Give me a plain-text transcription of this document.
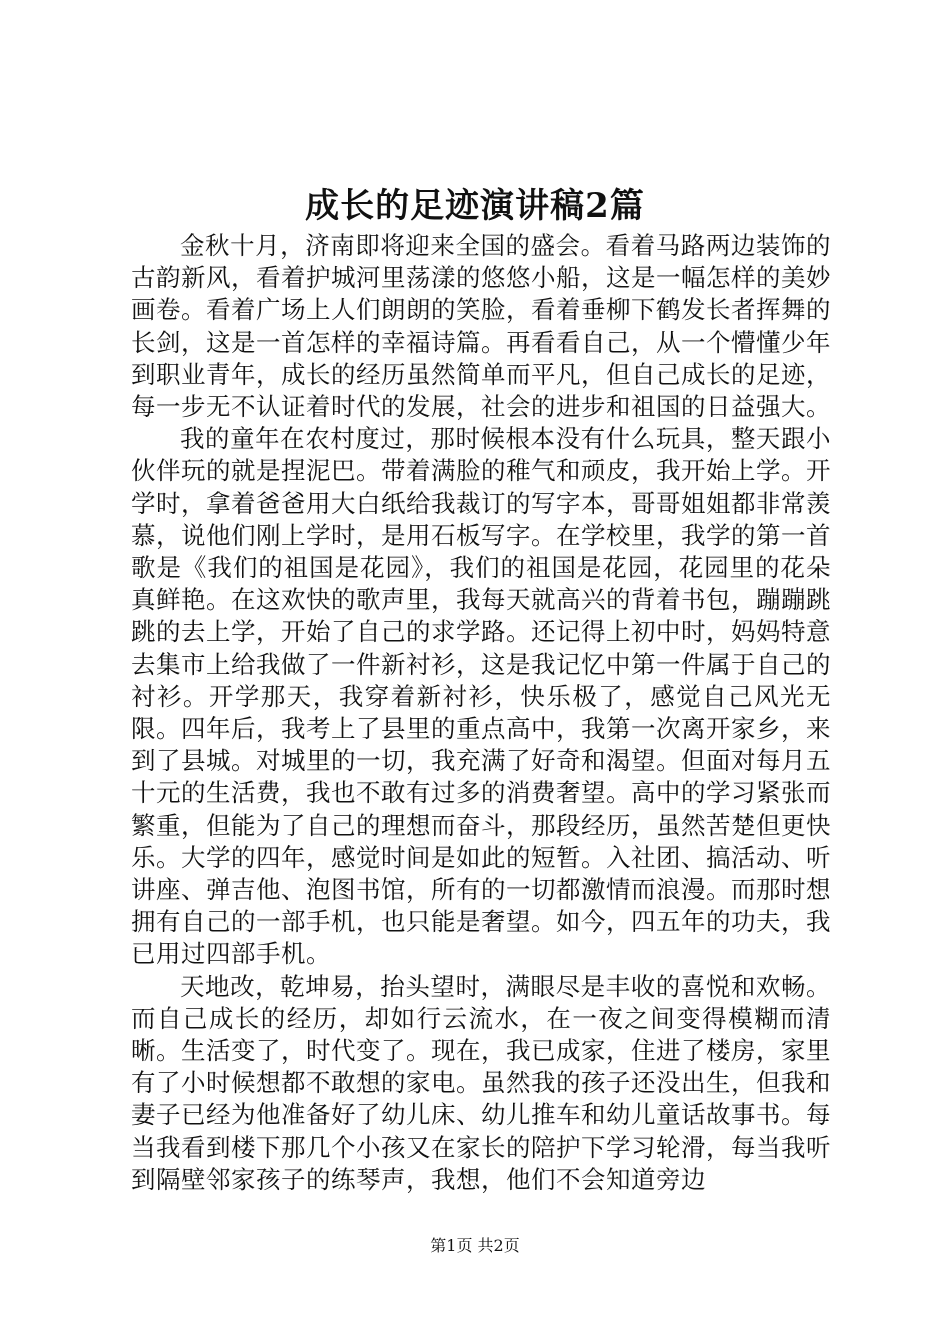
成长的足迹演讲稿2篇

金秋十月，济南即将迎来全国的盛会。看着马路两边装饰的古韵新风，看着护城河里荡漾的悠悠小船，这是一幅怎样的美妙画卷。看着广场上人们朗朗的笑脸，看着垂柳下鹤发长者挥舞的长剑，这是一首怎样的幸福诗篇。再看看自己，从一个懵懂少年到职业青年，成长的经历虽然简单而平凡，但自己成长的足迹，每一步无不认证着时代的发展，社会的进步和祖国的日益强大。

我的童年在农村度过，那时候根本没有什么玩具，整天跟小伙伴玩的就是捏泥巴。带着满脸的稚气和顽皮，我开始上学。开学时，拿着爸爸用大白纸给我裁订的写字本，哥哥姐姐都非常羡慕，说他们刚上学时，是用石板写字。在学校里，我学的第一首歌是《我们的祖国是花园》，我们的祖国是花园，花园里的花朵真鲜艳。在这欢快的歌声里，我每天就高兴的背着书包，蹦蹦跳跳的去上学，开始了自己的求学路。还记得上初中时，妈妈特意去集市上给我做了一件新衬衫，这是我记忆中第一件属于自己的衬衫。开学那天，我穿着新衬衫，快乐极了，感觉自己风光无限。四年后，我考上了县里的重点高中，我第一次离开家乡，来到了县城。对城里的一切，我充满了好奇和渴望。但面对每月五十元的生活费，我也不敢有过多的消费奢望。高中的学习紧张而繁重，但能为了自己的理想而奋斗，那段经历，虽然苦楚但更快乐。大学的四年，感觉时间是如此的短暂。入社团、搞活动、听讲座、弹吉他、泡图书馆，所有的一切都激情而浪漫。而那时想拥有自己的一部手机，也只能是奢望。如今，四五年的功夫，我已用过四部手机。

天地改，乾坤易，抬头望时，满眼尽是丰收的喜悦和欢畅。而自己成长的经历，却如行云流水，在一夜之间变得模糊而清晰。生活变了，时代变了。现在，我已成家，住进了楼房，家里有了小时候想都不敢想的家电。虽然我的孩子还没出生，但我和妻子已经为他准备好了幼儿床、幼儿推车和幼儿童话故事书。每当我看到楼下那几个小孩又在家长的陪护下学习轮滑，每当我听到隔壁邻家孩子的练琴声，我想，他们不会知道旁边

第1页 共2页
